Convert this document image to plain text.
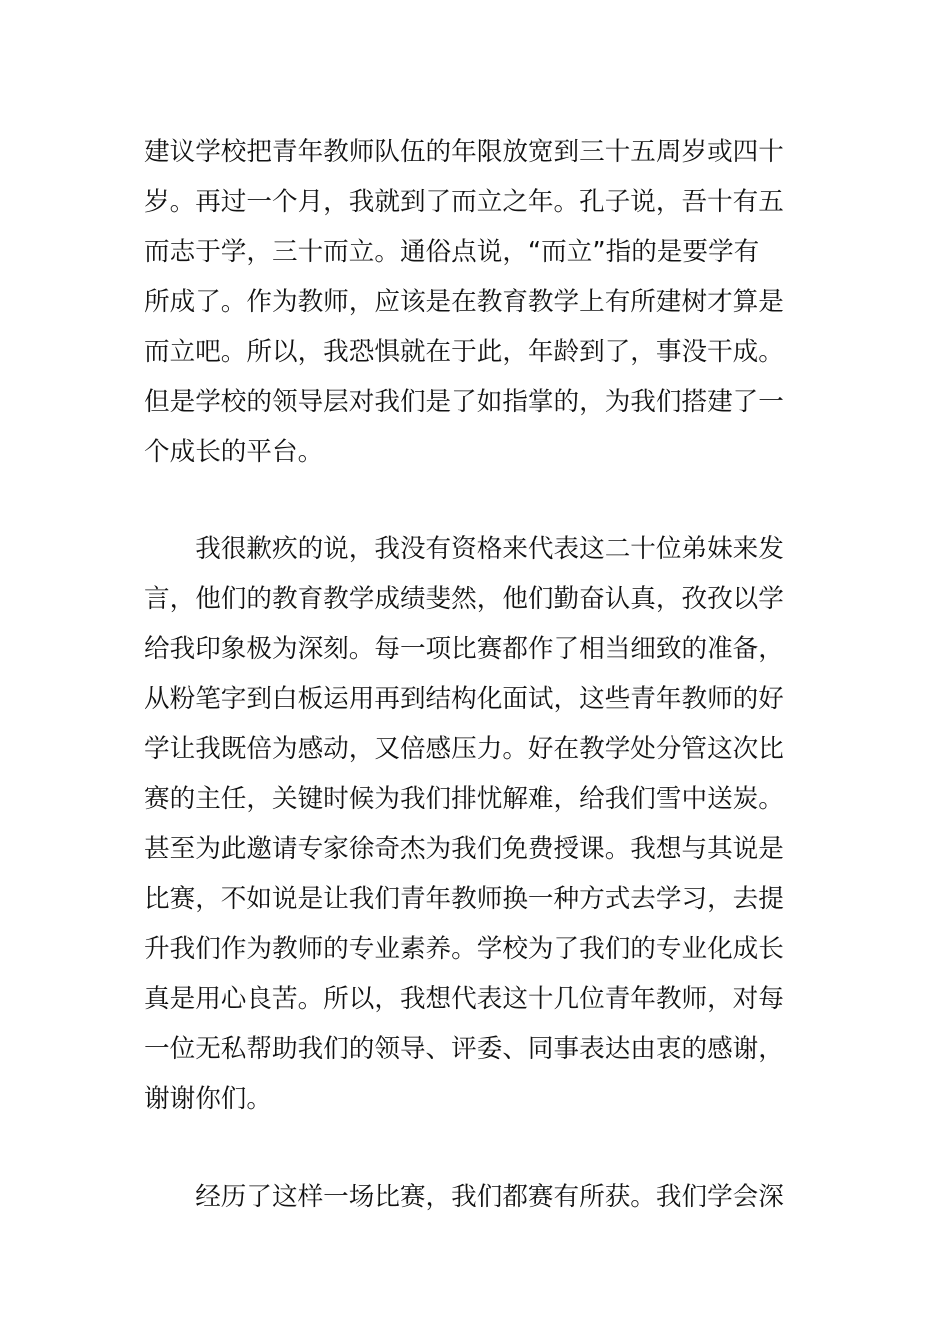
建议学校把青年教师队伍的年限放宽到三十五周岁或四十
岁。再过一个月，我就到了而立之年。孔子说，吾十有五
而志于学，三十而立。通俗点说，“而立”指的是要学有
所成了。作为教师，应该是在教育教学上有所建树才算是
而立吧。所以，我恐惧就在于此，年龄到了，事没干成。
但是学校的领导层对我们是了如指掌的，为我们搭建了一
个成长的平台。
　　我很歉疚的说，我没有资格来代表这二十位弟妹来发
言，他们的教育教学成绩斐然，他们勤奋认真，孜孜以学
给我印象极为深刻。每一项比赛都作了相当细致的准备，
从粉笔字到白板运用再到结构化面试，这些青年教师的好
学让我既倍为感动，又倍感压力。好在教学处分管这次比
赛的主任，关键时候为我们排忧解难，给我们雪中送炭。
甚至为此邀请专家徐奇杰为我们免费授课。我想与其说是
比赛，不如说是让我们青年教师换一种方式去学习，去提
升我们作为教师的专业素养。学校为了我们的专业化成长
真是用心良苦。所以，我想代表这十几位青年教师，对每
一位无私帮助我们的领导、评委、同事表达由衷的感谢，
谢谢你们。
　　经历了这样一场比赛，我们都赛有所获。我们学会深
